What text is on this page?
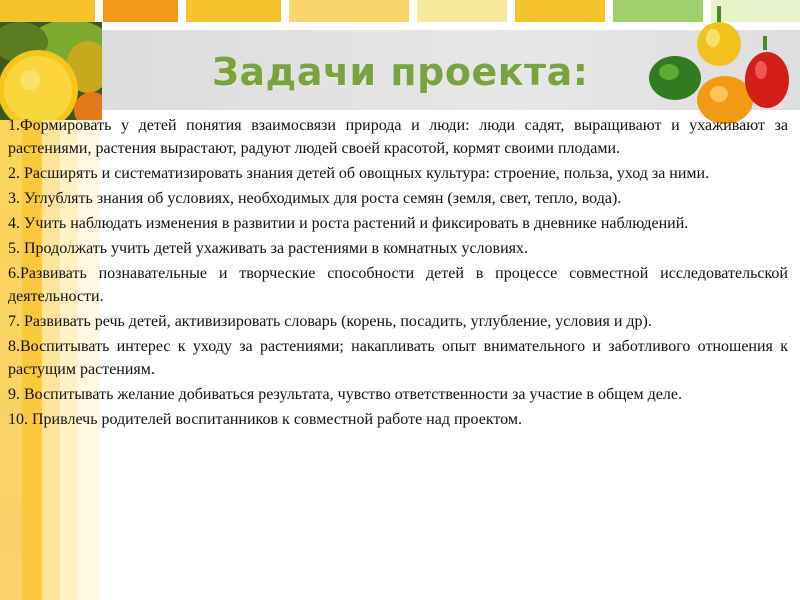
Задачи проекта:

1.Формировать у детей понятия взаимосвязи природа и люди: люди садят, выращивают и ухаживают за растениями, растения вырастают, радуют людей своей красотой, кормят своими плодами.

2. Расширять и систематизировать знания детей об овощных культура: строение, польза, уход за ними.

3. Углублять знания об условиях, необходимых для роста семян (земля, свет, тепло, вода).

4. Учить наблюдать изменения в развитии и роста растений и фиксировать в дневнике наблюдений.

5. Продолжать учить детей ухаживать за растениями в комнатных условиях.

6.Развивать познавательные и творческие способности детей в процессе совместной исследовательской деятельности.

7. Развивать речь детей, активизировать словарь (корень, посадить, углубление, условия и др).

8.Воспитывать интерес к уходу за растениями; накапливать опыт внимательного и заботливого отношения к растущим растениям.

9. Воспитывать желание добиваться результата, чувство ответственности за участие в общем деле.

10. Привлечь родителей воспитанников к совместной работе над проектом.
